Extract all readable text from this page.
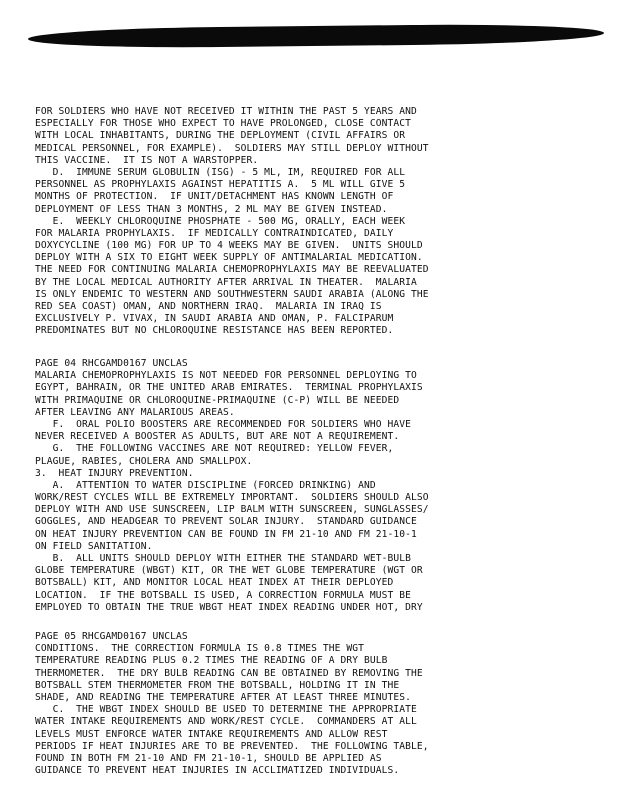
FOR SOLDIERS WHO HAVE NOT RECEIVED IT WITHIN THE PAST 5 YEARS AND
ESPECIALLY FOR THOSE WHO EXPECT TO HAVE PROLONGED, CLOSE CONTACT
WITH LOCAL INHABITANTS, DURING THE DEPLOYMENT (CIVIL AFFAIRS OR
MEDICAL PERSONNEL, FOR EXAMPLE).  SOLDIERS MAY STILL DEPLOY WITHOUT
THIS VACCINE.  IT IS NOT A WARSTOPPER.
D.  IMMUNE SERUM GLOBULIN (ISG) - 5 ML, IM, REQUIRED FOR ALL
PERSONNEL AS PROPHYLAXIS AGAINST HEPATITIS A.  5 ML WILL GIVE 5
MONTHS OF PROTECTION.  IF UNIT/DETACHMENT HAS KNOWN LENGTH OF
DEPLOYMENT OF LESS THAN 3 MONTHS, 2 ML MAY BE GIVEN INSTEAD.
E.  WEEKLY CHLOROQUINE PHOSPHATE - 500 MG, ORALLY, EACH WEEK
FOR MALARIA PROPHYLAXIS.  IF MEDICALLY CONTRAINDICATED, DAILY
DOXYCYCLINE (100 MG) FOR UP TO 4 WEEKS MAY BE GIVEN.  UNITS SHOULD
DEPLOY WITH A SIX TO EIGHT WEEK SUPPLY OF ANTIMALARIAL MEDICATION.
THE NEED FOR CONTINUING MALARIA CHEMOPROPHYLAXIS MAY BE REEVALUATED
BY THE LOCAL MEDICAL AUTHORITY AFTER ARRIVAL IN THEATER.  MALARIA
IS ONLY ENDEMIC TO WESTERN AND SOUTHWESTERN SAUDI ARABIA (ALONG THE
RED SEA COAST) OMAN, AND NORTHERN IRAQ.  MALARIA IN IRAQ IS
EXCLUSIVELY P. VIVAX, IN SAUDI ARABIA AND OMAN, P. FALCIPARUM
PREDOMINATES BUT NO CHLOROQUINE RESISTANCE HAS BEEN REPORTED.
PAGE 04 RHCGAMD0167 UNCLAS
MALARIA CHEMOPROPHYLAXIS IS NOT NEEDED FOR PERSONNEL DEPLOYING TO
EGYPT, BAHRAIN, OR THE UNITED ARAB EMIRATES.  TERMINAL PROPHYLAXIS
WITH PRIMAQUINE OR CHLOROQUINE-PRIMAQUINE (C-P) WILL BE NEEDED
AFTER LEAVING ANY MALARIOUS AREAS.
F.  ORAL POLIO BOOSTERS ARE RECOMMENDED FOR SOLDIERS WHO HAVE
NEVER RECEIVED A BOOSTER AS ADULTS, BUT ARE NOT A REQUIREMENT.
G.  THE FOLLOWING VACCINES ARE NOT REQUIRED: YELLOW FEVER,
PLAGUE, RABIES, CHOLERA AND SMALLPOX.
3.  HEAT INJURY PREVENTION.
A.  ATTENTION TO WATER DISCIPLINE (FORCED DRINKING) AND
WORK/REST CYCLES WILL BE EXTREMELY IMPORTANT.  SOLDIERS SHOULD ALSO
DEPLOY WITH AND USE SUNSCREEN, LIP BALM WITH SUNSCREEN, SUNGLASSES/
GOGGLES, AND HEADGEAR TO PREVENT SOLAR INJURY.  STANDARD GUIDANCE
ON HEAT INJURY PREVENTION CAN BE FOUND IN FM 21-10 AND FM 21-10-1
ON FIELD SANITATION.
B.  ALL UNITS SHOULD DEPLOY WITH EITHER THE STANDARD WET-BULB
GLOBE TEMPERATURE (WBGT) KIT, OR THE WET GLOBE TEMPERATURE (WGT OR
BOTSBALL) KIT, AND MONITOR LOCAL HEAT INDEX AT THEIR DEPLOYED
LOCATION.  IF THE BOTSBALL IS USED, A CORRECTION FORMULA MUST BE
EMPLOYED TO OBTAIN THE TRUE WBGT HEAT INDEX READING UNDER HOT, DRY
PAGE 05 RHCGAMD0167 UNCLAS
CONDITIONS.  THE CORRECTION FORMULA IS 0.8 TIMES THE WGT
TEMPERATURE READING PLUS 0.2 TIMES THE READING OF A DRY BULB
THERMOMETER.  THE DRY BULB READING CAN BE OBTAINED BY REMOVING THE
BOTSBALL STEM THERMOMETER FROM THE BOTSBALL, HOLDING IT IN THE
SHADE, AND READING THE TEMPERATURE AFTER AT LEAST THREE MINUTES.
C.  THE WBGT INDEX SHOULD BE USED TO DETERMINE THE APPROPRIATE
WATER INTAKE REQUIREMENTS AND WORK/REST CYCLE.  COMMANDERS AT ALL
LEVELS MUST ENFORCE WATER INTAKE REQUIREMENTS AND ALLOW REST
PERIODS IF HEAT INJURIES ARE TO BE PREVENTED.  THE FOLLOWING TABLE,
FOUND IN BOTH FM 21-10 AND FM 21-10-1, SHOULD BE APPLIED AS
GUIDANCE TO PREVENT HEAT INJURIES IN ACCLIMATIZED INDIVIDUALS.
